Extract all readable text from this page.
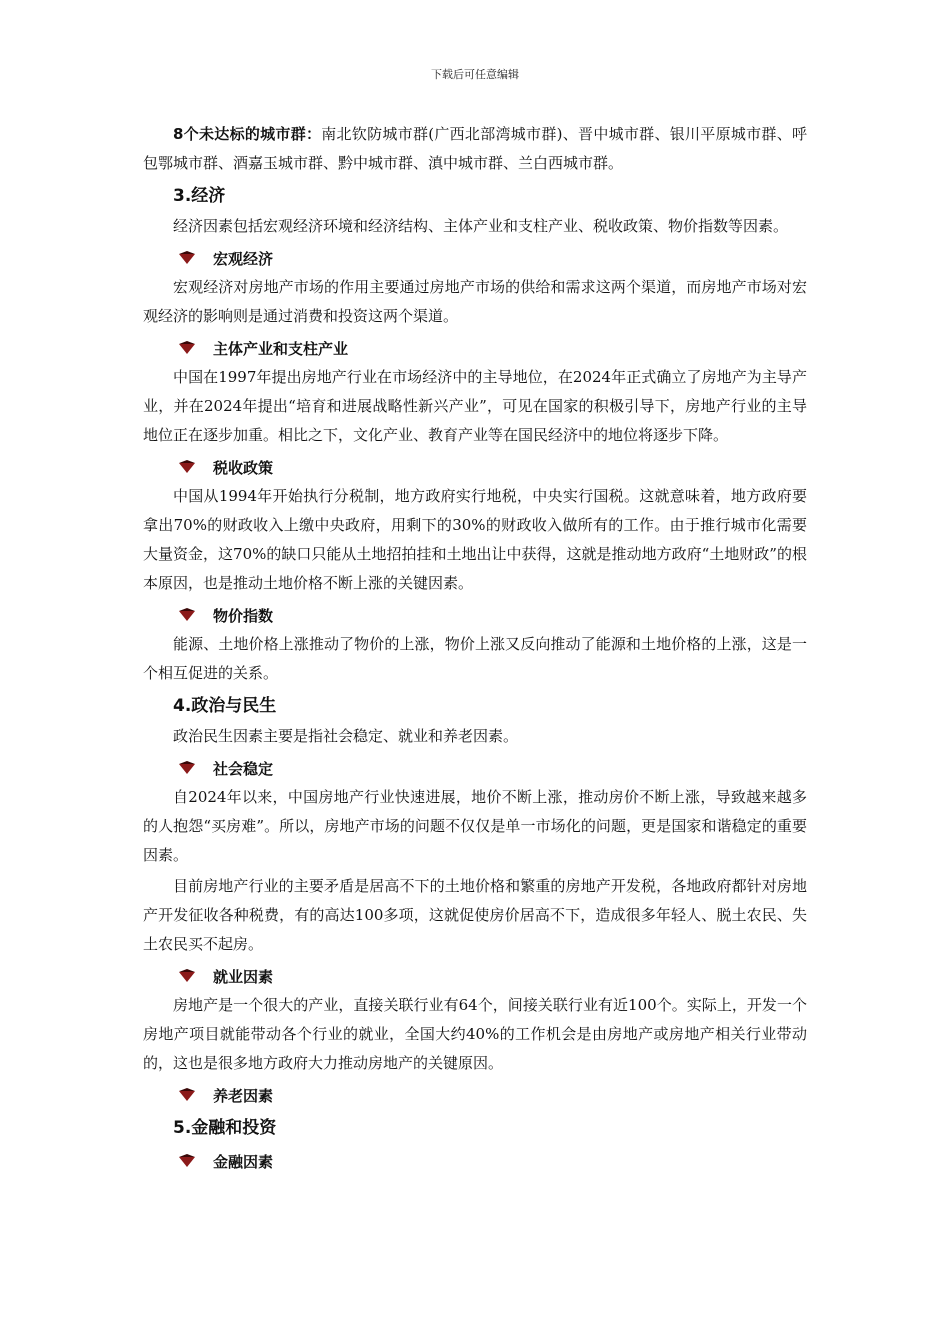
下载后可任意编辑

8个未达标的城市群：南北钦防城市群(广西北部湾城市群)、晋中城市群、银川平原城市群、呼包鄂城市群、酒嘉玉城市群、黔中城市群、滇中城市群、兰白西城市群。

3.经济

经济因素包括宏观经济环境和经济结构、主体产业和支柱产业、税收政策、物价指数等因素。

宏观经济

宏观经济对房地产市场的作用主要通过房地产市场的供给和需求这两个渠道，而房地产市场对宏观经济的影响则是通过消费和投资这两个渠道。

主体产业和支柱产业

中国在1997年提出房地产行业在市场经济中的主导地位，在2024年正式确立了房地产为主导产业，并在2024年提出“培育和进展战略性新兴产业”，可见在国家的积极引导下，房地产行业的主导地位正在逐步加重。相比之下，文化产业、教育产业等在国民经济中的地位将逐步下降。

税收政策

中国从1994年开始执行分税制，地方政府实行地税，中央实行国税。这就意味着，地方政府要拿出70%的财政收入上缴中央政府，用剩下的30%的财政收入做所有的工作。由于推行城市化需要大量资金，这70%的缺口只能从土地招拍挂和土地出让中获得，这就是推动地方政府“土地财政”的根本原因，也是推动土地价格不断上涨的关键因素。

物价指数

能源、土地价格上涨推动了物价的上涨，物价上涨又反向推动了能源和土地价格的上涨，这是一个相互促进的关系。

4.政治与民生

政治民生因素主要是指社会稳定、就业和养老因素。

社会稳定

自2024年以来，中国房地产行业快速进展，地价不断上涨，推动房价不断上涨，导致越来越多的人抱怨“买房难”。所以，房地产市场的问题不仅仅是单一市场化的问题，更是国家和谐稳定的重要因素。

目前房地产行业的主要矛盾是居高不下的土地价格和繁重的房地产开发税，各地政府都针对房地产开发征收各种税费，有的高达100多项，这就促使房价居高不下，造成很多年轻人、脱土农民、失土农民买不起房。

就业因素

房地产是一个很大的产业，直接关联行业有64个，间接关联行业有近100个。实际上，开发一个房地产项目就能带动各个行业的就业，全国大约40%的工作机会是由房地产或房地产相关行业带动的，这也是很多地方政府大力推动房地产的关键原因。

养老因素
5.金融和投资
金融因素
